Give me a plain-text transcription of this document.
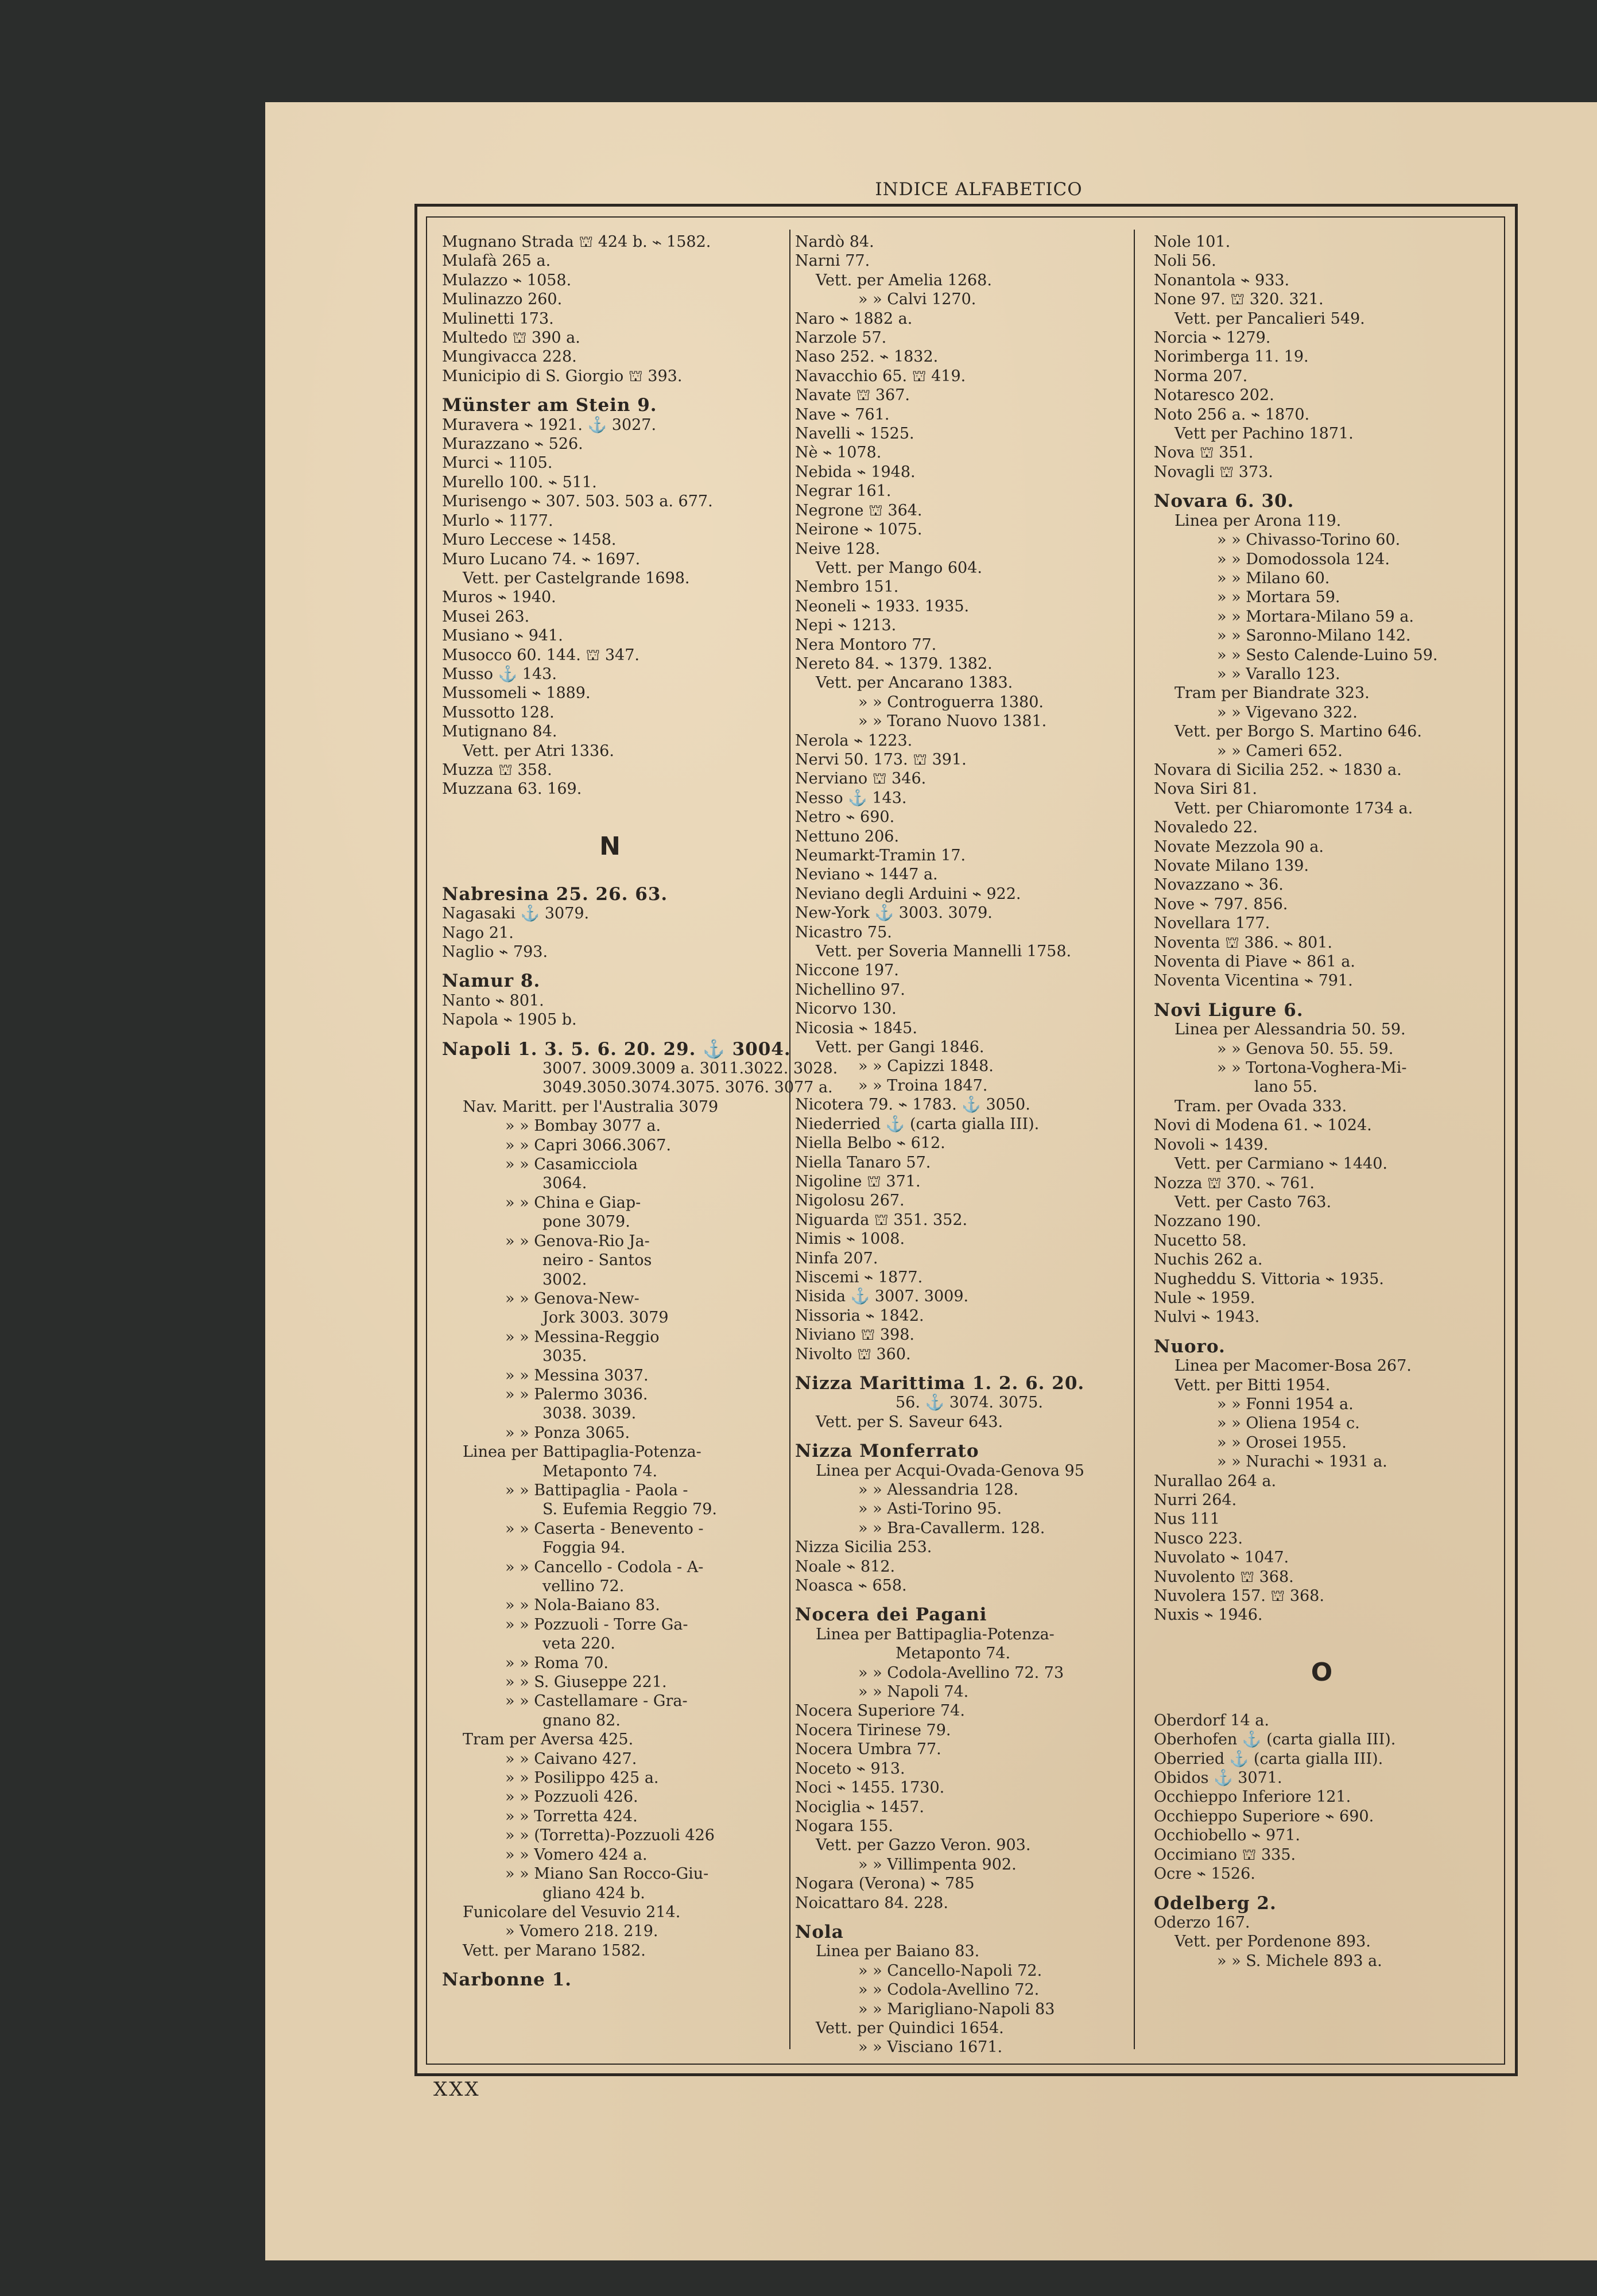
INDICE ALFABETICO
Mugnano Strada ⛫ 424 b. ⌁ 1582.
Mulafà 265 a.
Mulazzo ⌁ 1058.
Mulinazzo 260.
Mulinetti 173.
Multedo ⛫ 390 a.
Mungivacca 228.
Municipio di S. Giorgio ⛫ 393.
Münster am Stein 9.
Muravera ⌁ 1921. ⚓ 3027.
Murazzano ⌁ 526.
Murci ⌁ 1105.
Murello 100. ⌁ 511.
Murisengo ⌁ 307. 503. 503 a. 677.
Murlo ⌁ 1177.
Muro Leccese ⌁ 1458.
Muro Lucano 74. ⌁ 1697.
Vett. per Castelgrande 1698.
Muros ⌁ 1940.
Musei 263.
Musiano ⌁ 941.
Musocco 60. 144. ⛫ 347.
Musso ⚓ 143.
Mussomeli ⌁ 1889.
Mussotto 128.
Mutignano 84.
Vett. per Atri 1336.
Muzza ⛫ 358.
Muzzana 63. 169.
N
Nabresina 25. 26. 63.
Nagasaki ⚓ 3079.
Nago 21.
Naglio ⌁ 793.
Namur 8.
Nanto ⌁ 801.
Napola ⌁ 1905 b.
Napoli 1. 3. 5. 6. 20. 29. ⚓ 3004.
3007. 3009.3009 a. 3011.3022. 3028.
3049.3050.3074.3075. 3076. 3077 a.
Nav. Maritt. per l'Australia 3079
» » Bombay 3077 a.
» » Capri 3066.3067.
» » Casamicciola
3064.
» » China e Giap-
pone 3079.
» » Genova-Rio Ja-
neiro - Santos
3002.
» » Genova-New-
Jork 3003. 3079
» » Messina-Reggio
3035.
» » Messina 3037.
» » Palermo 3036.
3038. 3039.
» » Ponza 3065.
Linea per Battipaglia-Potenza-
Metaponto 74.
» » Battipaglia - Paola -
S. Eufemia Reggio 79.
» » Caserta - Benevento -
Foggia 94.
» » Cancello - Codola - A-
vellino 72.
» » Nola-Baiano 83.
» » Pozzuoli - Torre Ga-
veta 220.
» » Roma 70.
» » S. Giuseppe 221.
» » Castellamare - Gra-
gnano 82.
Tram per Aversa 425.
» » Caivano 427.
» » Posilippo 425 a.
» » Pozzuoli 426.
» » Torretta 424.
» » (Torretta)-Pozzuoli 426
» » Vomero 424 a.
» » Miano San Rocco-Giu-
gliano 424 b.
Funicolare del Vesuvio 214.
» Vomero 218. 219.
Vett. per Marano 1582.
Narbonne 1.
Nardò 84.
Narni 77.
Vett. per Amelia 1268.
» » Calvi 1270.
Naro ⌁ 1882 a.
Narzole 57.
Naso 252. ⌁ 1832.
Navacchio 65. ⛫ 419.
Navate ⛫ 367.
Nave ⌁ 761.
Navelli ⌁ 1525.
Nè ⌁ 1078.
Nebida ⌁ 1948.
Negrar 161.
Negrone ⛫ 364.
Neirone ⌁ 1075.
Neive 128.
Vett. per Mango 604.
Nembro 151.
Neoneli ⌁ 1933. 1935.
Nepi ⌁ 1213.
Nera Montoro 77.
Nereto 84. ⌁ 1379. 1382.
Vett. per Ancarano 1383.
» » Controguerra 1380.
» » Torano Nuovo 1381.
Nerola ⌁ 1223.
Nervi 50. 173. ⛫ 391.
Nerviano ⛫ 346.
Nesso ⚓ 143.
Netro ⌁ 690.
Nettuno 206.
Neumarkt-Tramin 17.
Neviano ⌁ 1447 a.
Neviano degli Arduini ⌁ 922.
New-York ⚓ 3003. 3079.
Nicastro 75.
Vett. per Soveria Mannelli 1758.
Niccone 197.
Nichellino 97.
Nicorvo 130.
Nicosia ⌁ 1845.
Vett. per Gangi 1846.
» » Capizzi 1848.
» » Troina 1847.
Nicotera 79. ⌁ 1783. ⚓ 3050.
Niederried ⚓ (carta gialla III).
Niella Belbo ⌁ 612.
Niella Tanaro 57.
Nigoline ⛫ 371.
Nigolosu 267.
Niguarda ⛫ 351. 352.
Nimis ⌁ 1008.
Ninfa 207.
Niscemi ⌁ 1877.
Nisida ⚓ 3007. 3009.
Nissoria ⌁ 1842.
Niviano ⛫ 398.
Nivolto ⛫ 360.
Nizza Marittima 1. 2. 6. 20.
56. ⚓ 3074. 3075.
Vett. per S. Saveur 643.
Nizza Monferrato
Linea per Acqui-Ovada-Genova 95
» » Alessandria 128.
» » Asti-Torino 95.
» » Bra-Cavallerm. 128.
Nizza Sicilia 253.
Noale ⌁ 812.
Noasca ⌁ 658.
Nocera dei Pagani
Linea per Battipaglia-Potenza-
Metaponto 74.
» » Codola-Avellino 72. 73
» » Napoli 74.
Nocera Superiore 74.
Nocera Tirinese 79.
Nocera Umbra 77.
Noceto ⌁ 913.
Noci ⌁ 1455. 1730.
Nociglia ⌁ 1457.
Nogara 155.
Vett. per Gazzo Veron. 903.
» » Villimpenta 902.
Nogara (Verona) ⌁ 785
Noicattaro 84. 228.
Nola
Linea per Baiano 83.
» » Cancello-Napoli 72.
» » Codola-Avellino 72.
» » Marigliano-Napoli 83
Vett. per Quindici 1654.
» » Visciano 1671.
Nole 101.
Noli 56.
Nonantola ⌁ 933.
None 97. ⛫ 320. 321.
Vett. per Pancalieri 549.
Norcia ⌁ 1279.
Norimberga 11. 19.
Norma 207.
Notaresco 202.
Noto 256 a. ⌁ 1870.
Vett per Pachino 1871.
Nova ⛫ 351.
Novagli ⛫ 373.
Novara 6. 30.
Linea per Arona 119.
» » Chivasso-Torino 60.
» » Domodossola 124.
» » Milano 60.
» » Mortara 59.
» » Mortara-Milano 59 a.
» » Saronno-Milano 142.
» » Sesto Calende-Luino 59.
» » Varallo 123.
Tram per Biandrate 323.
» » Vigevano 322.
Vett. per Borgo S. Martino 646.
» » Cameri 652.
Novara di Sicilia 252. ⌁ 1830 a.
Nova Siri 81.
Vett. per Chiaromonte 1734 a.
Novaledo 22.
Novate Mezzola 90 a.
Novate Milano 139.
Novazzano ⌁ 36.
Nove ⌁ 797. 856.
Novellara 177.
Noventa ⛫ 386. ⌁ 801.
Noventa di Piave ⌁ 861 a.
Noventa Vicentina ⌁ 791.
Novi Ligure 6.
Linea per Alessandria 50. 59.
» » Genova 50. 55. 59.
» » Tortona-Voghera-Mi-
lano 55.
Tram. per Ovada 333.
Novi di Modena 61. ⌁ 1024.
Novoli ⌁ 1439.
Vett. per Carmiano ⌁ 1440.
Nozza ⛫ 370. ⌁ 761.
Vett. per Casto 763.
Nozzano 190.
Nucetto 58.
Nuchis 262 a.
Nugheddu S. Vittoria ⌁ 1935.
Nule ⌁ 1959.
Nulvi ⌁ 1943.
Nuoro.
Linea per Macomer-Bosa 267.
Vett. per Bitti 1954.
» » Fonni 1954 a.
» » Oliena 1954 c.
» » Orosei 1955.
» » Nurachi ⌁ 1931 a.
Nurallao 264 a.
Nurri 264.
Nus 111
Nusco 223.
Nuvolato ⌁ 1047.
Nuvolento ⛫ 368.
Nuvolera 157. ⛫ 368.
Nuxis ⌁ 1946.
O
Oberdorf 14 a.
Oberhofen ⚓ (carta gialla III).
Oberried ⚓ (carta gialla III).
Obidos ⚓ 3071.
Occhieppo Inferiore 121.
Occhieppo Superiore ⌁ 690.
Occhiobello ⌁ 971.
Occimiano ⛫ 335.
Ocre ⌁ 1526.
Odelberg 2.
Oderzo 167.
Vett. per Pordenone 893.
» » S. Michele 893 a.
XXX
